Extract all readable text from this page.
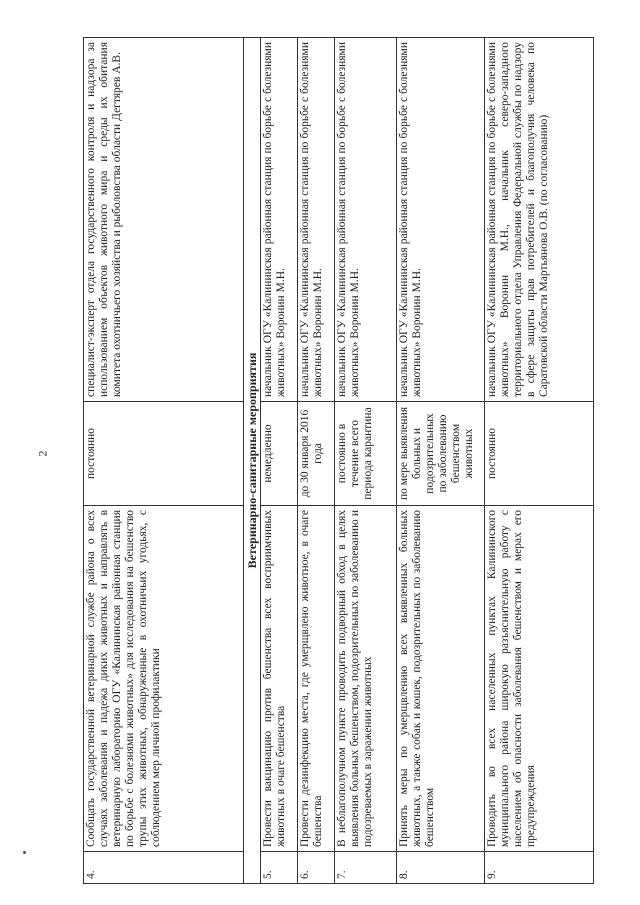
2
4.	Сообщать государственной ветеринарной службе района о всех случаях заболевания и падежа диких животных и направлять в ветеринарную лабораторию ОГУ «Калининская районная станция по борьбе с болезнями животных» для исследования на бешенство трупы этих животных, обнаруженные в охотничьих угодьях, с соблюдением мер личной профилактики	постоянно	специалист-эксперт отдела государственного контроля и надзора за использованием объектов животного мира и среды их обитания комитета охотничьего хозяйства и рыболовства области Дегтярев А.В.
Ветеринарно-санитарные мероприятия			
5.	Провести вакцинацию против бешенства всех восприимчивых животных в очаге бешенства	немедленно	начальник ОГУ «Калининская районная станция по борьбе с болезнями животных» Воронин М.Н.
6.	Провести дезинфекцию места, где умерщвлено животное, в очаге бешенства	до 30 января 2016 года	начальник ОГУ «Калининская районная станция по борьбе с болезнями животных» Воронин М.Н.
7.	В неблагополучном пункте проводить подворный обход в целях выявления больных бешенством, подозрительных по заболеванию и подозреваемых в заражении животных	постоянно в течение всего периода карантина	начальник ОГУ «Калининская районная станция по борьбе с болезнями животных» Воронин М.Н.
8.	Принять меры по умерщвлению всех выявленных больных животных, а также собак и кошек, подозрительных по заболеванию бешенством	по мере выявления больных и подозрительных по заболеванию бешенством животных	начальник ОГУ «Калининская районная станция по борьбе с болезнями животных» Воронин М.Н.
9.	Проводить во всех населенных пунктах Калининского муниципального района широкую разъяснительную работу с населением об опасности заболевания бешенством и мерах его предупреждения	постоянно	начальник ОГУ «Калининская районная станция по борьбе с болезнями животных» Воронин М.Н., начальник северо-западного территориального отдела Управления Федеральной службы по надзору в сфере защиты прав потребителей и благополучия человека по Саратовской области Мартьянова О.В. (по согласованию)
